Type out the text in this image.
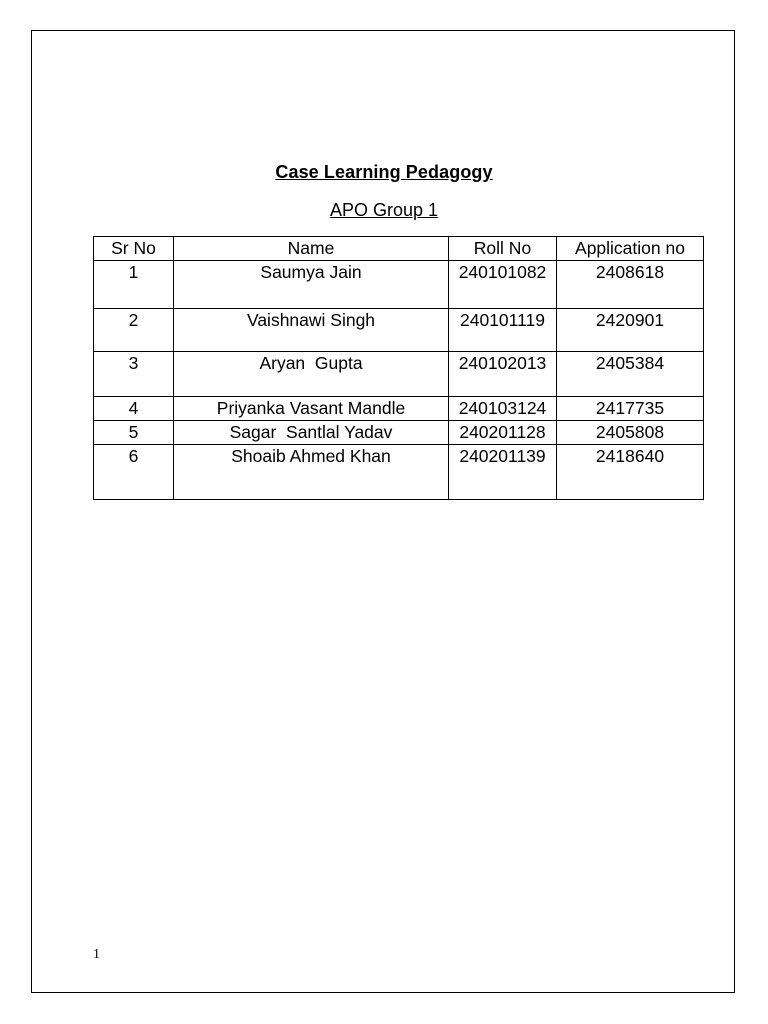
Case Learning Pedagogy
APO Group 1
Sr No	Name	Roll No	Application no
1	Saumya Jain	240101082	2408618
2	Vaishnawi Singh	240101119	2420901
3	Aryan  Gupta	240102013	2405384
4	Priyanka Vasant Mandle	240103124	2417735
5	Sagar  Santlal Yadav	240201128	2405808
6	Shoaib Ahmed Khan	240201139	2418640
1
